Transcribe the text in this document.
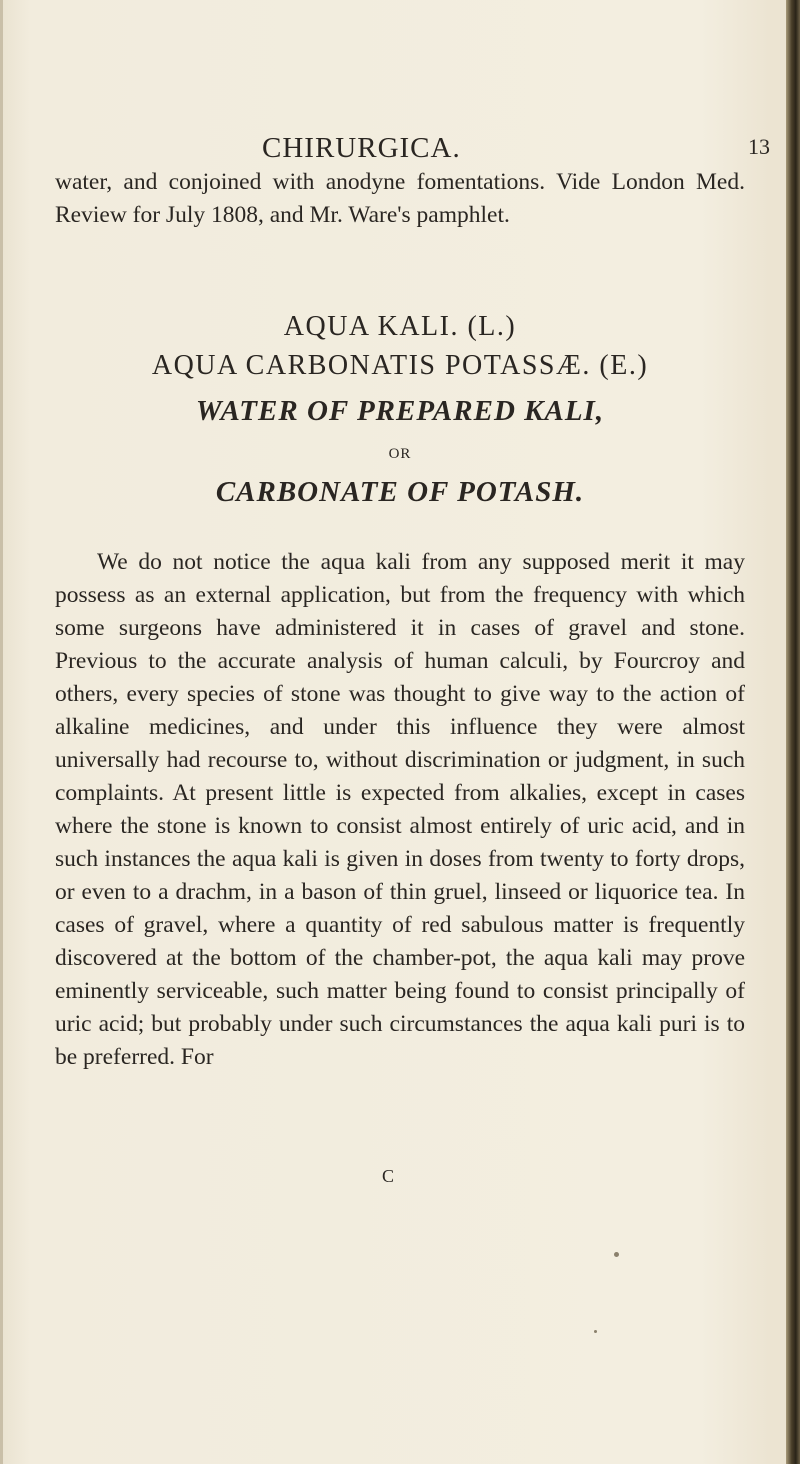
CHIRURGICA.	13

water, and conjoined with anodyne fomentations. Vide London Med. Review for July 1808, and Mr. Ware's pamphlet.

AQUA KALI. (L.)
AQUA CARBONATIS POTASSÆ. (E.)
WATER OF PREPARED KALI,
OR
CARBONATE OF POTASH.

We do not notice the aqua kali from any supposed merit it may possess as an external application, but from the frequency with which some surgeons have administered it in cases of gravel and stone. Previous to the accurate analysis of human calculi, by Fourcroy and others, every species of stone was thought to give way to the action of alkaline medicines, and under this influence they were almost universally had recourse to, without discrimination or judgment, in such complaints. At present little is expected from alkalies, except in cases where the stone is known to consist almost entirely of uric acid, and in such instances the aqua kali is given in doses from twenty to forty drops, or even to a drachm, in a bason of thin gruel, linseed or liquorice tea. In cases of gravel, where a quantity of red sabulous matter is frequently discovered at the bottom of the chamber-pot, the aqua kali may prove eminently serviceable, such matter being found to consist principally of uric acid; but probably under such circumstances the aqua kali puri is to be preferred. For

C
